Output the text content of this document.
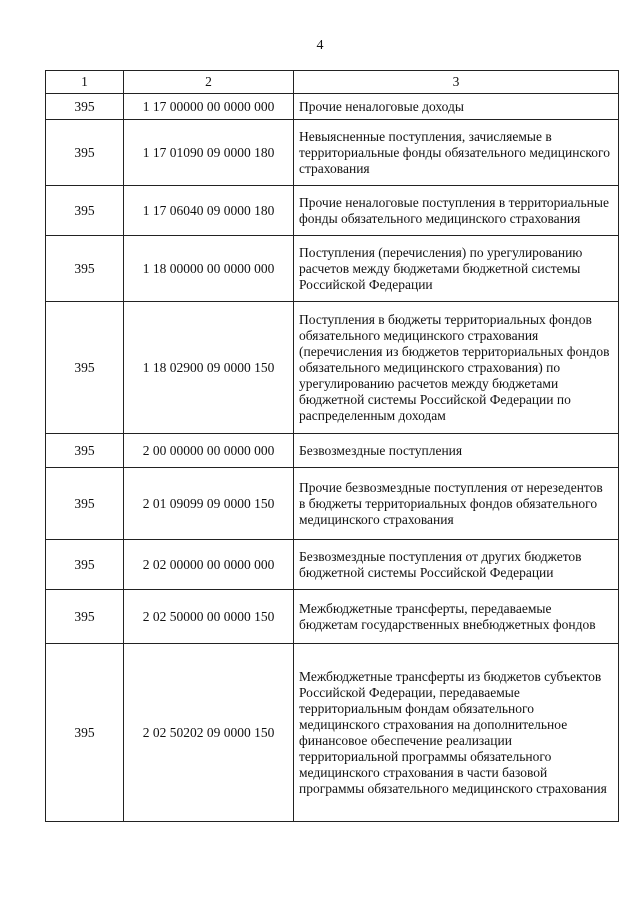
4
1	2	3
395	1 17 00000 00 0000 000	Прочие неналоговые доходы
395	1 17 01090 09 0000 180	Невыясненные поступления, зачисляемые в территориальные фонды обязательного медицинского страхования
395	1 17 06040 09 0000 180	Прочие неналоговые поступления в территориальные фонды обязательного медицинского страхования
395	1 18 00000 00 0000 000	Поступления (перечисления) по урегулированию расчетов между бюджетами бюджетной системы Российской Федерации
395	1 18 02900 09 0000 150	Поступления в бюджеты территориальных фондов обязательного медицинского страхования (перечисления из бюджетов территориальных фондов обязательного медицинского страхования) по урегулированию расчетов между бюджетами бюджетной системы Российской Федерации по распределенным доходам
395	2 00 00000 00 0000 000	Безвозмездные поступления
395	2 01 09099 09 0000 150	Прочие безвозмездные поступления от нерезедентов в бюджеты территориальных фондов обязательного медицинского страхования
395	2 02 00000 00 0000 000	Безвозмездные поступления от других бюджетов бюджетной системы Российской Федерации
395	2 02 50000 00 0000 150	Межбюджетные трансферты, передаваемые бюджетам государственных внебюджетных фондов
395	2 02 50202 09 0000 150	Межбюджетные трансферты из бюджетов субъектов Российской Федерации, передаваемые территориальным фондам обязательного медицинского страхования на дополнительное финансовое обеспечение реализации территориальной программы обязательного медицинского страхования в части базовой программы обязательного медицинского страхования
